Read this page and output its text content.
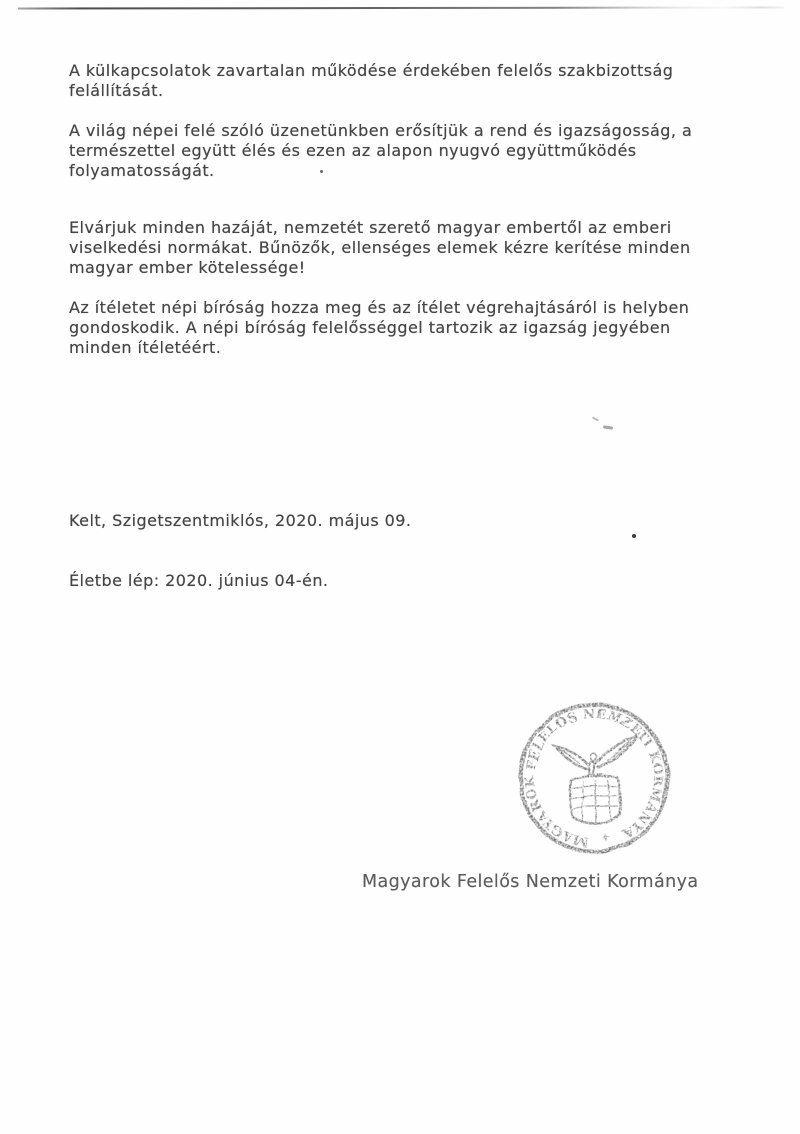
A külkapcsolatok zavartalan működése érdekében felelős szakbizottság
felállítását.
A világ népei felé szóló üzenetünkben erősítjük a rend és igazságosság, a
természettel együtt élés és ezen az alapon nyugvó együttműködés
folyamatosságát.
Elvárjuk minden hazáját, nemzetét szerető magyar embertől az emberi
viselkedési normákat. Bűnözők, ellenséges elemek kézre kerítése minden
magyar ember kötelessége!
Az ítéletet népi bíróság hozza meg és az ítélet végrehajtásáról is helyben
gondoskodik. A népi bíróság felelősséggel tartozik az igazság jegyében
minden ítéletéért.
Kelt, Szigetszentmiklós, 2020. május 09.
Életbe lép: 2020. június 04-én.
MAGYAROK FELELŐS NEMZETI KORMÁNYA
✦
Magyarok Felelős Nemzeti Kormánya
